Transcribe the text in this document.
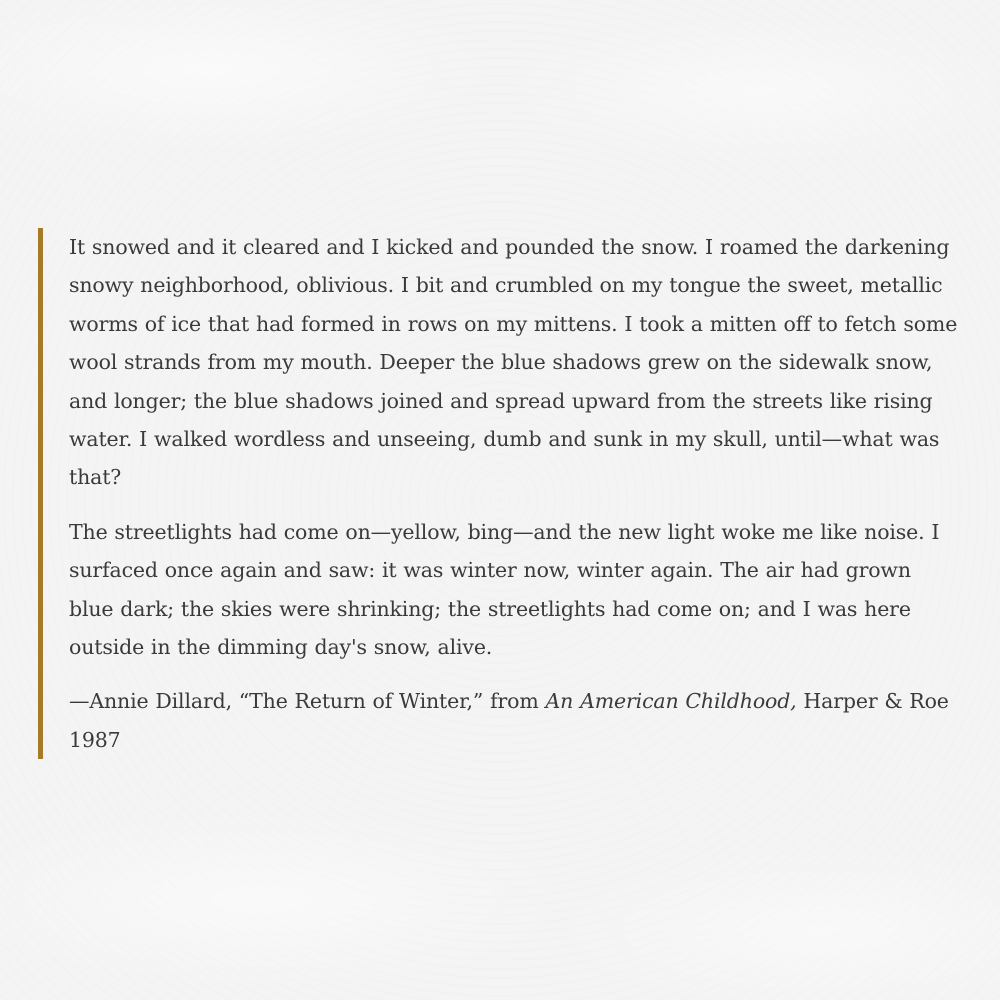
It snowed and it cleared and I kicked and pounded the snow. I roamed the darkening snowy neighborhood, oblivious. I bit and crumbled on my tongue the sweet, metallic worms of ice that had formed in rows on my mittens. I took a mitten off to fetch some wool strands from my mouth. Deeper the blue shadows grew on the sidewalk snow, and longer; the blue shadows joined and spread upward from the streets like rising water. I walked wordless and unseeing, dumb and sunk in my skull, until—what was that?

The streetlights had come on—yellow, bing—and the new light woke me like noise. I surfaced once again and saw: it was winter now, winter again. The air had grown blue dark; the skies were shrinking; the streetlights had come on; and I was here outside in the dimming day's snow, alive.

—Annie Dillard, “The Return of Winter,” from An American Childhood, Harper & Roe 1987
